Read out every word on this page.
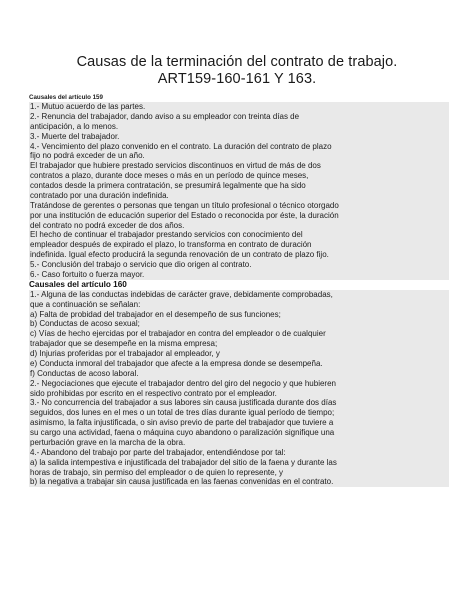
Causas de la terminación del contrato de trabajo.
ART159-160-161 Y 163.

Causales del artículo 159

1.- Mutuo acuerdo de las partes.
2.- Renuncia del trabajador, dando aviso a su empleador con treinta días de
anticipación, a lo menos.
3.- Muerte del trabajador.
4.- Vencimiento del plazo convenido en el contrato. La duración del contrato de plazo
fijo no podrá exceder de un año.
El trabajador que hubiere prestado servicios discontinuos en virtud de más de dos
contratos a plazo, durante doce meses o más en un período de quince meses,
contados desde la primera contratación, se presumirá legalmente que ha sido
contratado por una duración indefinida.
Tratándose de gerentes o personas que tengan un título profesional o técnico otorgado
por una institución de educación superior del Estado o reconocida por éste, la duración
del contrato no podrá exceder de dos años.
El hecho de continuar el trabajador prestando servicios con conocimiento del
empleador después de expirado el plazo, lo transforma en contrato de duración
indefinida. Igual efecto producirá la segunda renovación de un contrato de plazo fijo.
5.- Conclusión del trabajo o servicio que dio origen al contrato.
6.- Caso fortuito o fuerza mayor.

Causales del artículo 160

1.- Alguna de las conductas indebidas de carácter grave, debidamente comprobadas,
que a continuación se señalan:
a) Falta de probidad del trabajador en el desempeño de sus funciones;
b) Conductas de acoso sexual;
c) Vías de hecho ejercidas por el trabajador en contra del empleador o de cualquier
trabajador que se desempeñe en la misma empresa;
d) Injurias proferidas por el trabajador al empleador, y
e) Conducta inmoral del trabajador que afecte a la empresa donde se desempeña.
f) Conductas de acoso laboral.
2.- Negociaciones que ejecute el trabajador dentro del giro del negocio y que hubieren
sido prohibidas por escrito en el respectivo contrato por el empleador.
3.- No concurrencia del trabajador a sus labores sin causa justificada durante dos días
seguidos, dos lunes en el mes o un total de tres días durante igual período de tiempo;
asimismo, la falta injustificada, o sin aviso previo de parte del trabajador que tuviere a
su cargo una actividad, faena o máquina cuyo abandono o paralización signifique una
perturbación grave en la marcha de la obra.
4.- Abandono del trabajo por parte del trabajador, entendiéndose por tal:
a) la salida intempestiva e injustificada del trabajador del sitio de la faena y durante las
horas de trabajo, sin permiso del empleador o de quien lo represente, y
b) la negativa a trabajar sin causa justificada en las faenas convenidas en el contrato.
